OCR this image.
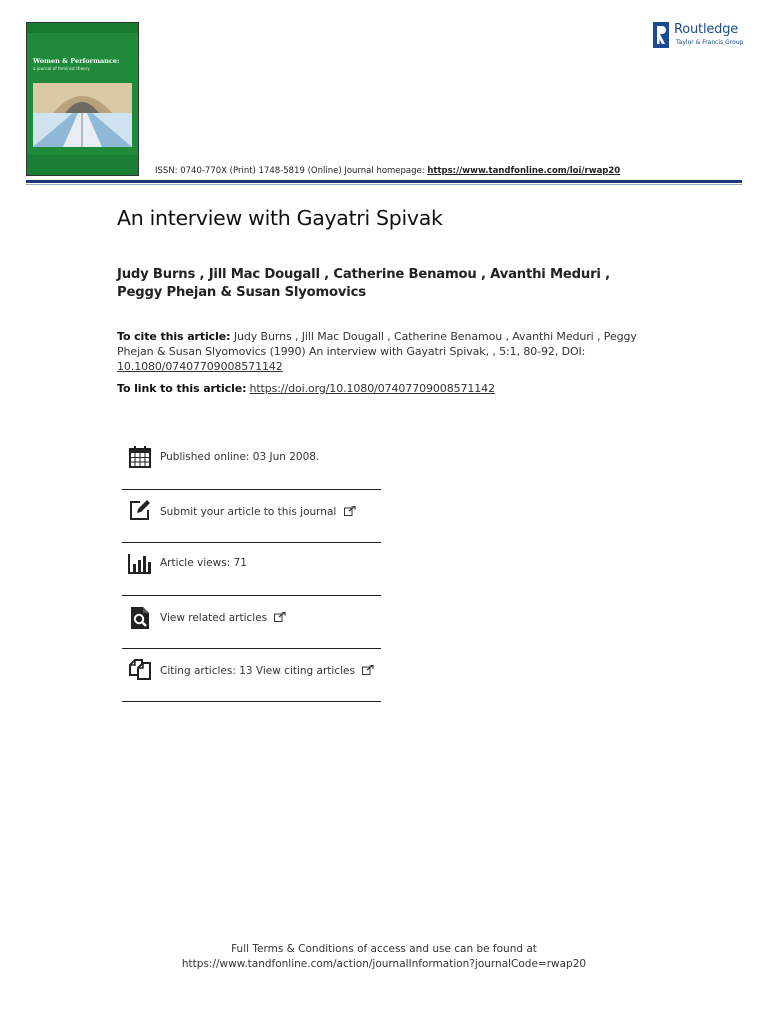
Women & Performance:
a journal of feminist theory
Routledge
Taylor & Francis Group
ISSN: 0740-770X (Print) 1748-5819 (Online) Journal homepage: https://www.tandfonline.com/loi/rwap20
An interview with Gayatri Spivak
Judy Burns , Jill Mac Dougall , Catherine Benamou , Avanthi Meduri , Peggy Phejan & Susan Slyomovics
To cite this article: Judy Burns , Jill Mac Dougall , Catherine Benamou , Avanthi Meduri , Peggy Phejan & Susan Slyomovics (1990) An interview with Gayatri Spivak, , 5:1, 80-92, DOI: 10.1080/07407709008571142
To link to this article: https://doi.org/10.1080/07407709008571142
Published online: 03 Jun 2008.
Submit your article to this journal
Article views: 71
View related articles
Citing articles: 13 View citing articles
Full Terms & Conditions of access and use can be found at
https://www.tandfonline.com/action/journalInformation?journalCode=rwap20
